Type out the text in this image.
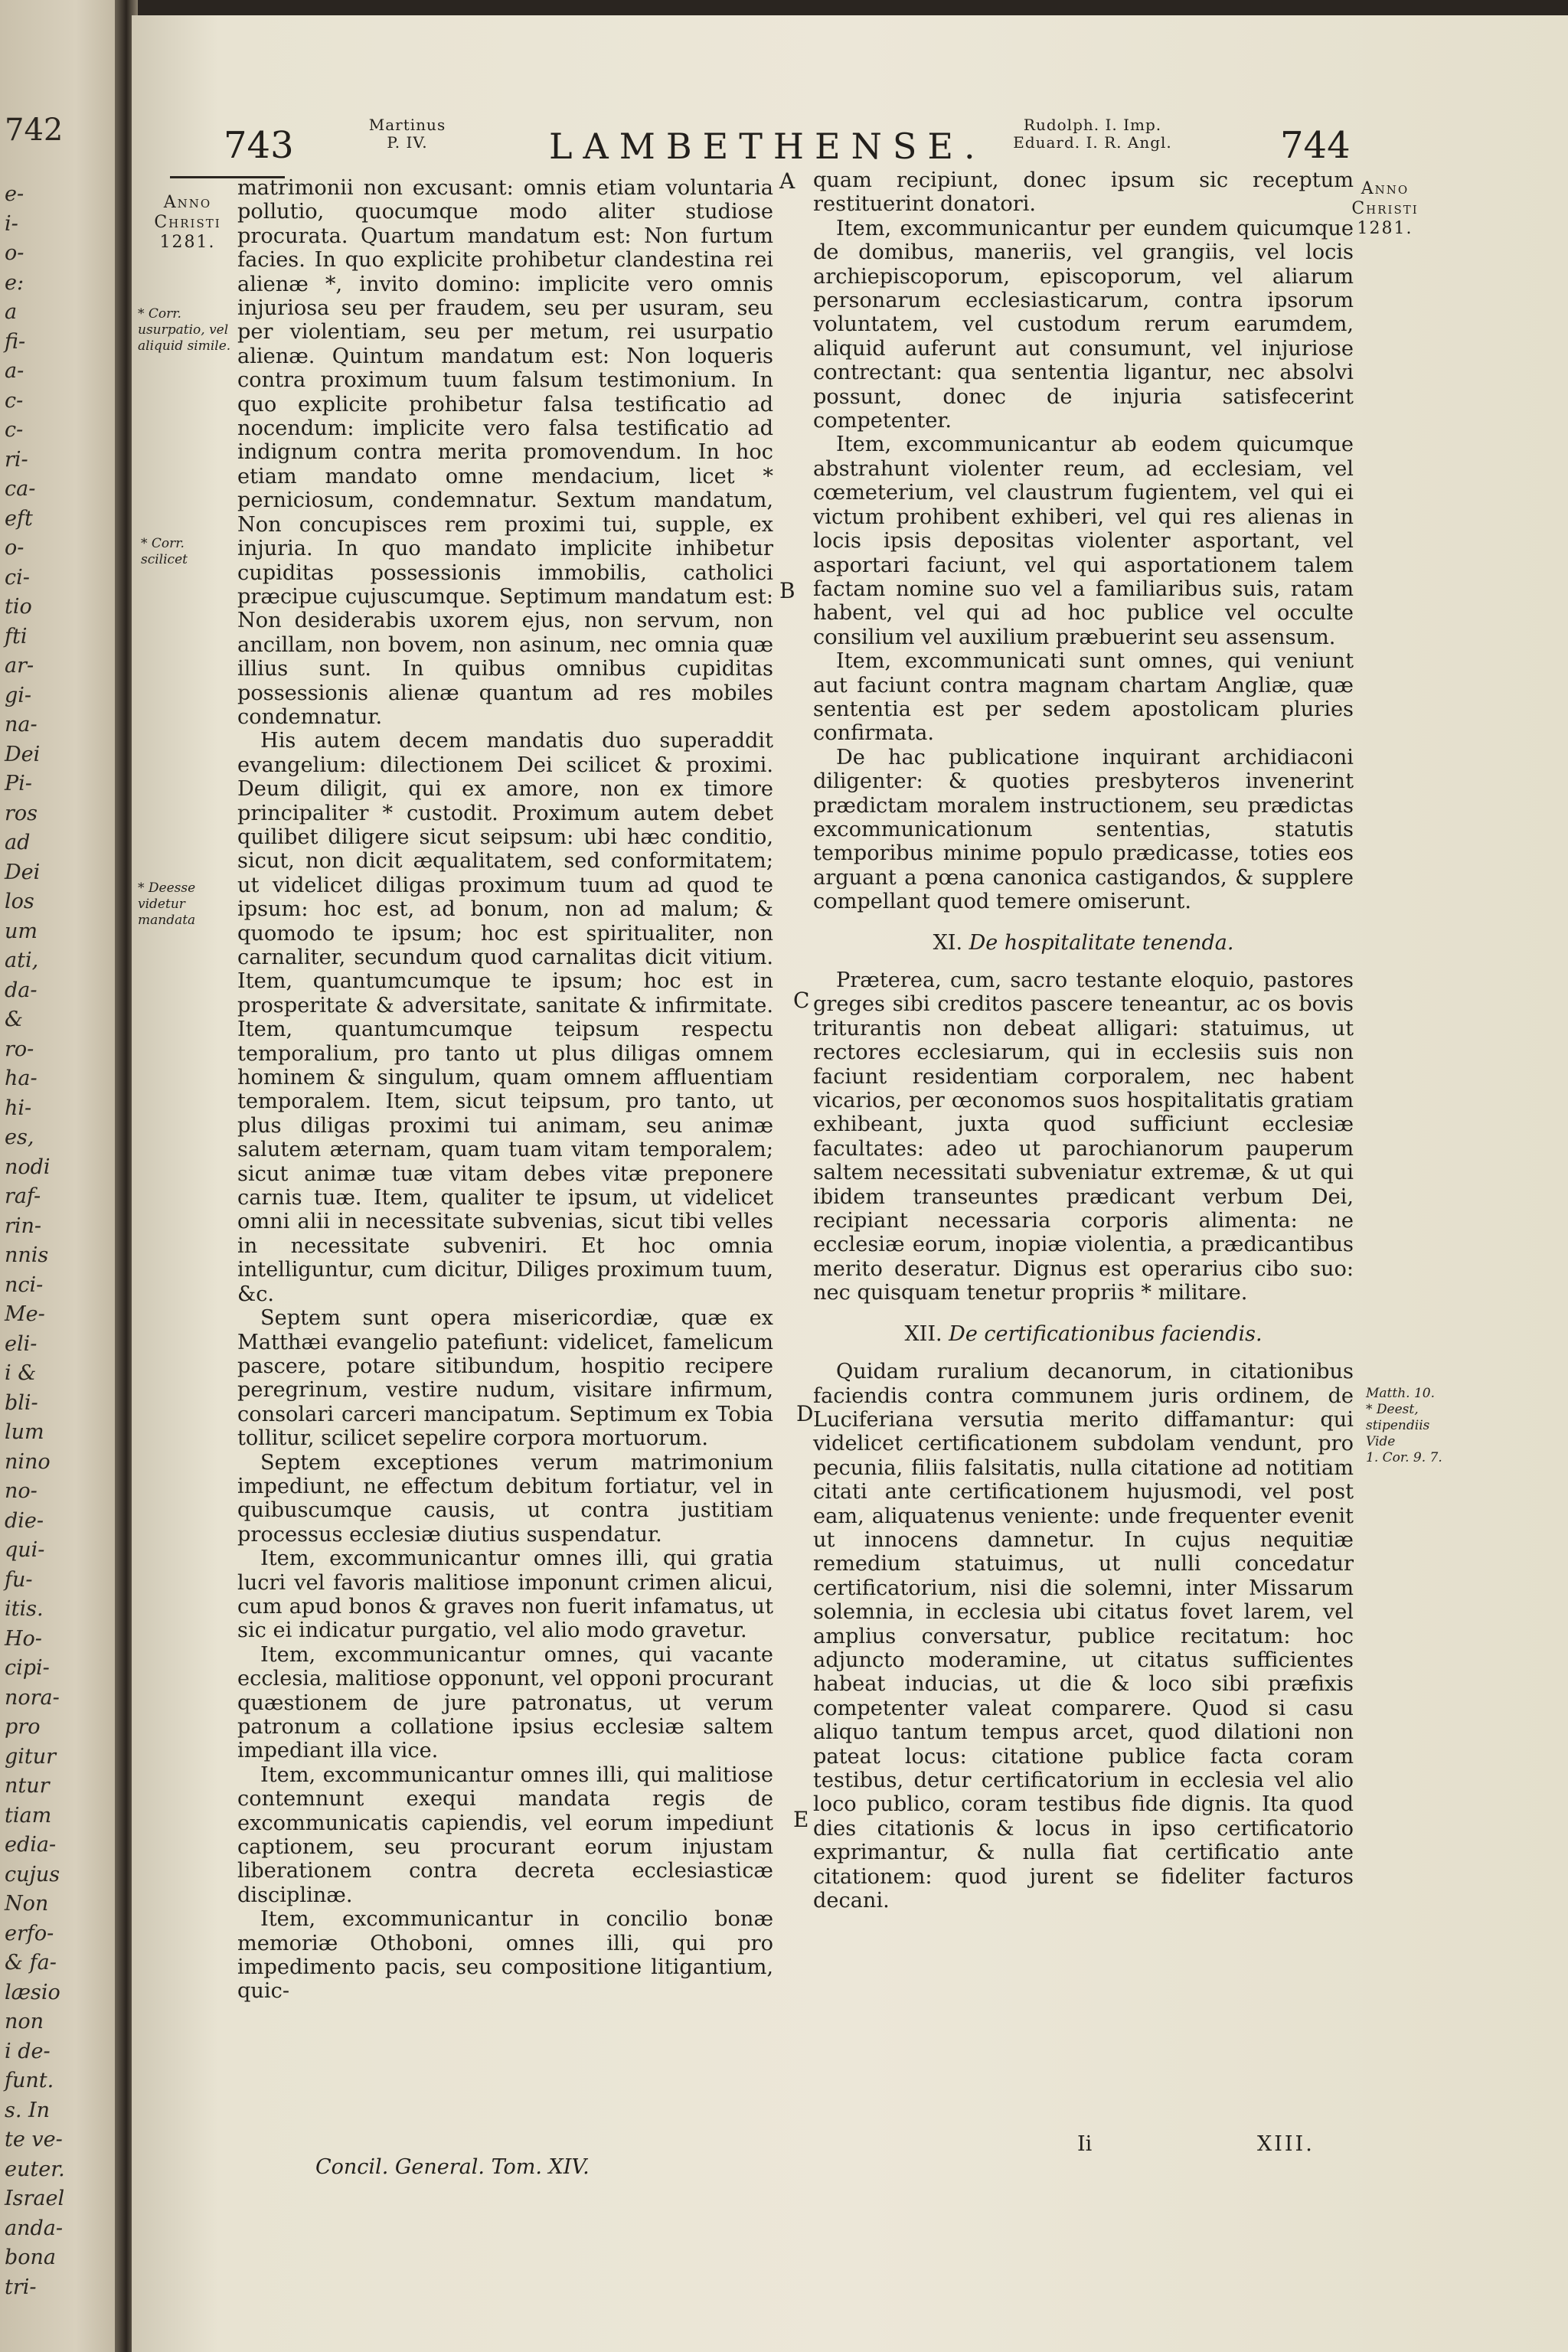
742
e-
i-
o-
e:
a
fi-
a-
c-
c-
ri-
ca-
eft
o-
ci-
tio
fti
ar-
gi-
na-
Dei
Pi-
ros
ad
Dei
los
um
ati,
da-
&
ro-
ha-
hi-
es,
nodi
raf-
rin-
nnis
nci-
Me-
eli-
i &
bli-
lum
nino
no-
die-
qui-
fu-
itis.
Ho-
cipi-
nora-
pro
gitur
ntur
tiam
edia-
cujus
Non
erfo-
& fa-
læsio
non
i de-
funt.
s. In
te ve-
euter.
Israel
anda-
bona
tri-
743	Martinus
P. IV.	LAMBETHENSE.
Rudolph. I. Imp.
Eduard. I. R. Angl.	744
Anno
Christi
1281.
Anno
Christi
1281.
* Corr. usurpatio, vel aliquid simile.
* Corr. scilicet
* Deesse videtur mandata
Matth. 10.
* Deest, stipendiis
Vide
1. Cor. 9. 7.
A
B
C
D
E

matrimonii non excusant: omnis etiam voluntaria pollutio, quocumque modo aliter studiose procurata. Quartum mandatum est: Non furtum facies. In quo explicite prohibetur clandestina rei alienæ *, invito domino: implicite vero omnis injuriosa seu per fraudem, seu per usuram, seu per violentiam, seu per metum, rei usurpatio alienæ. Quintum mandatum est: Non loqueris contra proximum tuum falsum testimonium. In quo explicite prohibetur falsa testificatio ad nocendum: implicite vero falsa testificatio ad indignum contra merita promovendum. In hoc etiam mandato omne mendacium, licet * perniciosum, condemnatur. Sextum mandatum, Non concupisces rem proximi tui, supple, ex injuria. In quo mandato implicite inhibetur cupiditas possessionis immobilis, catholici præcipue cujuscumque. Septimum mandatum est: Non desiderabis uxorem ejus, non servum, non ancillam, non bovem, non asinum, nec omnia quæ illius sunt. In quibus omnibus cupiditas possessionis alienæ quantum ad res mobiles condemnatur.

His autem decem mandatis duo superaddit evangelium: dilectionem Dei scilicet & proximi. Deum diligit, qui ex amore, non ex timore principaliter * custodit. Proximum autem debet quilibet diligere sicut seipsum: ubi hæc conditio, sicut, non dicit æqualitatem, sed conformitatem; ut videlicet diligas proximum tuum ad quod te ipsum: hoc est, ad bonum, non ad malum; & quomodo te ipsum; hoc est spiritualiter, non carnaliter, secundum quod carnalitas dicit vitium. Item, quantumcumque te ipsum; hoc est in prosperitate & adversitate, sanitate & infirmitate. Item, quantumcumque teipsum respectu temporalium, pro tanto ut plus diligas omnem hominem & singulum, quam omnem affluentiam temporalem. Item, sicut teipsum, pro tanto, ut plus diligas proximi tui animam, seu animæ salutem æternam, quam tuam vitam temporalem; sicut animæ tuæ vitam debes vitæ preponere carnis tuæ. Item, qualiter te ipsum, ut videlicet omni alii in necessitate subvenias, sicut tibi velles in necessitate subveniri. Et hoc omnia intelliguntur, cum dicitur, Diliges proximum tuum, &c.

Septem sunt opera misericordiæ, quæ ex Matthæi evangelio patefiunt: videlicet, famelicum pascere, potare sitibundum, hospitio recipere peregrinum, vestire nudum, visitare infirmum, consolari carceri mancipatum. Septimum ex Tobia tollitur, scilicet sepelire corpora mortuorum.

Septem exceptiones verum matrimonium impediunt, ne effectum debitum fortiatur, vel in quibuscumque causis, ut contra justitiam processus ecclesiæ diutius suspendatur.

Item, excommunicantur omnes illi, qui gratia lucri vel favoris malitiose imponunt crimen alicui, cum apud bonos & graves non fuerit infamatus, ut sic ei indicatur purgatio, vel alio modo gravetur.

Item, excommunicantur omnes, qui vacante ecclesia, malitiose opponunt, vel opponi procurant quæstionem de jure patronatus, ut verum patronum a collatione ipsius ecclesiæ saltem impediant illa vice.

Item, excommunicantur omnes illi, qui malitiose contemnunt exequi mandata regis de excommunicatis capiendis, vel eorum impediunt captionem, seu procurant eorum injustam liberationem contra decreta ecclesiasticæ disciplinæ.

Item, excommunicantur in concilio bonæ memoriæ Othoboni, omnes illi, qui pro impedimento pacis, seu compositione litigantium, quic-

quam recipiunt, donec ipsum sic receptum restituerint donatori.

Item, excommunicantur per eundem quicumque de domibus, maneriis, vel grangiis, vel locis archiepiscoporum, episcoporum, vel aliarum personarum ecclesiasticarum, contra ipsorum voluntatem, vel custodum rerum earumdem, aliquid auferunt aut consumunt, vel injuriose contrectant: qua sententia ligantur, nec absolvi possunt, donec de injuria satisfecerint competenter.

Item, excommunicantur ab eodem quicumque abstrahunt violenter reum, ad ecclesiam, vel cœmeterium, vel claustrum fugientem, vel qui ei victum prohibent exhiberi, vel qui res alienas in locis ipsis depositas violenter asportant, vel asportari faciunt, vel qui asportationem talem factam nomine suo vel a familiaribus suis, ratam habent, vel qui ad hoc publice vel occulte consilium vel auxilium præbuerint seu assensum.

Item, excommunicati sunt omnes, qui veniunt aut faciunt contra magnam chartam Angliæ, quæ sententia est per sedem apostolicam pluries confirmata.

De hac publicatione inquirant archidiaconi diligenter: & quoties presbyteros invenerint prædictam moralem instructionem, seu prædictas excommunicationum sententias, statutis temporibus minime populo prædicasse, toties eos arguant a pœna canonica castigandos, & supplere compellant quod temere omiserunt.

XI. De hospitalitate tenenda.

Præterea, cum, sacro testante eloquio, pastores greges sibi creditos pascere teneantur, ac os bovis triturantis non debeat alligari: statuimus, ut rectores ecclesiarum, qui in ecclesiis suis non faciunt residentiam corporalem, nec habent vicarios, per œconomos suos hospitalitatis gratiam exhibeant, juxta quod sufficiunt ecclesiæ facultates: adeo ut parochianorum pauperum saltem necessitati subveniatur extremæ, & ut qui ibidem transeuntes prædicant verbum Dei, recipiant necessaria corporis alimenta: ne ecclesiæ eorum, inopiæ violentia, a prædicantibus merito deseratur. Dignus est operarius cibo suo: nec quisquam tenetur propriis * militare.

XII. De certificationibus faciendis.

Quidam ruralium decanorum, in citationibus faciendis contra communem juris ordinem, de Luciferiana versutia merito diffamantur: qui videlicet certificationem subdolam vendunt, pro pecunia, filiis falsitatis, nulla citatione ad notitiam citati ante certificationem hujusmodi, vel post eam, aliquatenus veniente: unde frequenter evenit ut innocens damnetur. In cujus nequitiæ remedium statuimus, ut nulli concedatur certificatorium, nisi die solemni, inter Missarum solemnia, in ecclesia ubi citatus fovet larem, vel amplius conversatur, publice recitatum: hoc adjuncto moderamine, ut citatus sufficientes habeat inducias, ut die & loco sibi præfixis competenter valeat comparere. Quod si casu aliquo tantum tempus arcet, quod dilationi non pateat locus: citatione publice facta coram testibus, detur certificatorium in ecclesia vel alio loco publico, coram testibus fide dignis. Ita quod dies citationis & locus in ipso certificatorio exprimantur, & nulla fiat certificatio ante citationem: quod jurent se fideliter facturos decani.

Concil. General. Tom. XIV.
Ii	XIII.
